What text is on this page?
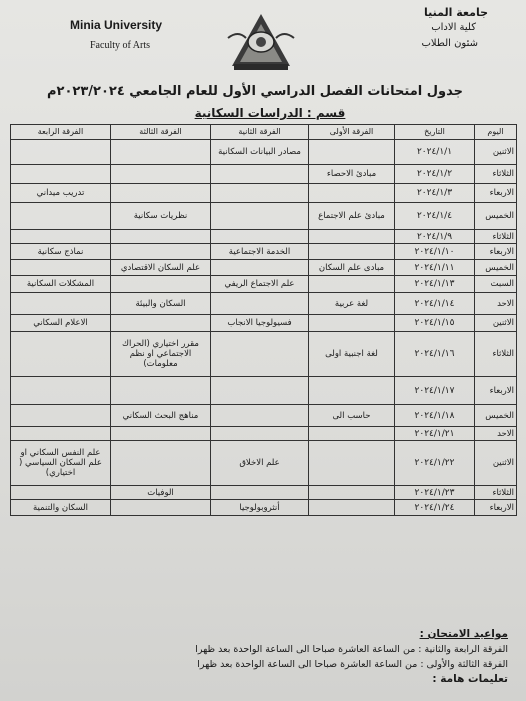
Minia University
Faculty of Arts
جامعة المنيا
كلية الاداب
شئون الطلاب
جدول امتحانات الفصل الدراسي الأول للعام الجامعي ٢٠٢٣/٢٠٢٤م
قسم : الدراسات السكانية
اليوم	التاريخ	الفرقة الأولى	الفرقة الثانية	الفرقة الثالثة	الفرقة الرابعة
الاثنين	٢٠٢٤/١/١		مصادر البيانات السكانية		
الثلاثاء	٢٠٢٤/١/٢	مبادئ الاحصاء			
الاربعاء	٢٠٢٤/١/٣				تدريب ميداني
الخميس	٢٠٢٤/١/٤	مبادئ علم الاجتماع		نظريات سكانية	
الثلاثاء	٢٠٢٤/١/٩				
الاربعاء	٢٠٢٤/١/١٠		الخدمة الاجتماعية		نماذج سكانية
الخميس	٢٠٢٤/١/١١	مبادى علم السكان		علم السكان الاقتصادي	
السبت	٢٠٢٤/١/١٣		علم الاجتماع الريفي		المشكلات السكانية
الاحد	٢٠٢٤/١/١٤	لغة عربية		السكان والبيئة	
الاثنين	٢٠٢٤/١/١٥		فسيولوجيا الانجاب		الاعلام السكاني
الثلاثاء	٢٠٢٤/١/١٦	لغة اجنبية اولى		مقرر اختياري (الحراك الاجتماعي او نظم معلومات)	
الاربعاء	٢٠٢٤/١/١٧				
الخميس	٢٠٢٤/١/١٨	حاسب الى		مناهج البحث السكاني	
الاحد	٢٠٢٤/١/٢١				
الاثنين	٢٠٢٤/١/٢٢		علم الاخلاق		علم النفس السكاني او علم السكان السياسي ( اختياري)
الثلاثاء	٢٠٢٤/١/٢٣			الوفيات	
الاربعاء	٢٠٢٤/١/٢٤		أنثروبولوجيا		السكان والتنمية
مواعيد الامتحان :
الفرقة الرابعة والثانية : من الساعة العاشرة صباحا الى الساعة الواحدة بعد ظهرا
الفرقة الثالثة والأولى : من الساعة العاشرة صباحا الى الساعة الواحدة بعد ظهرا
تعليمات هامة :
